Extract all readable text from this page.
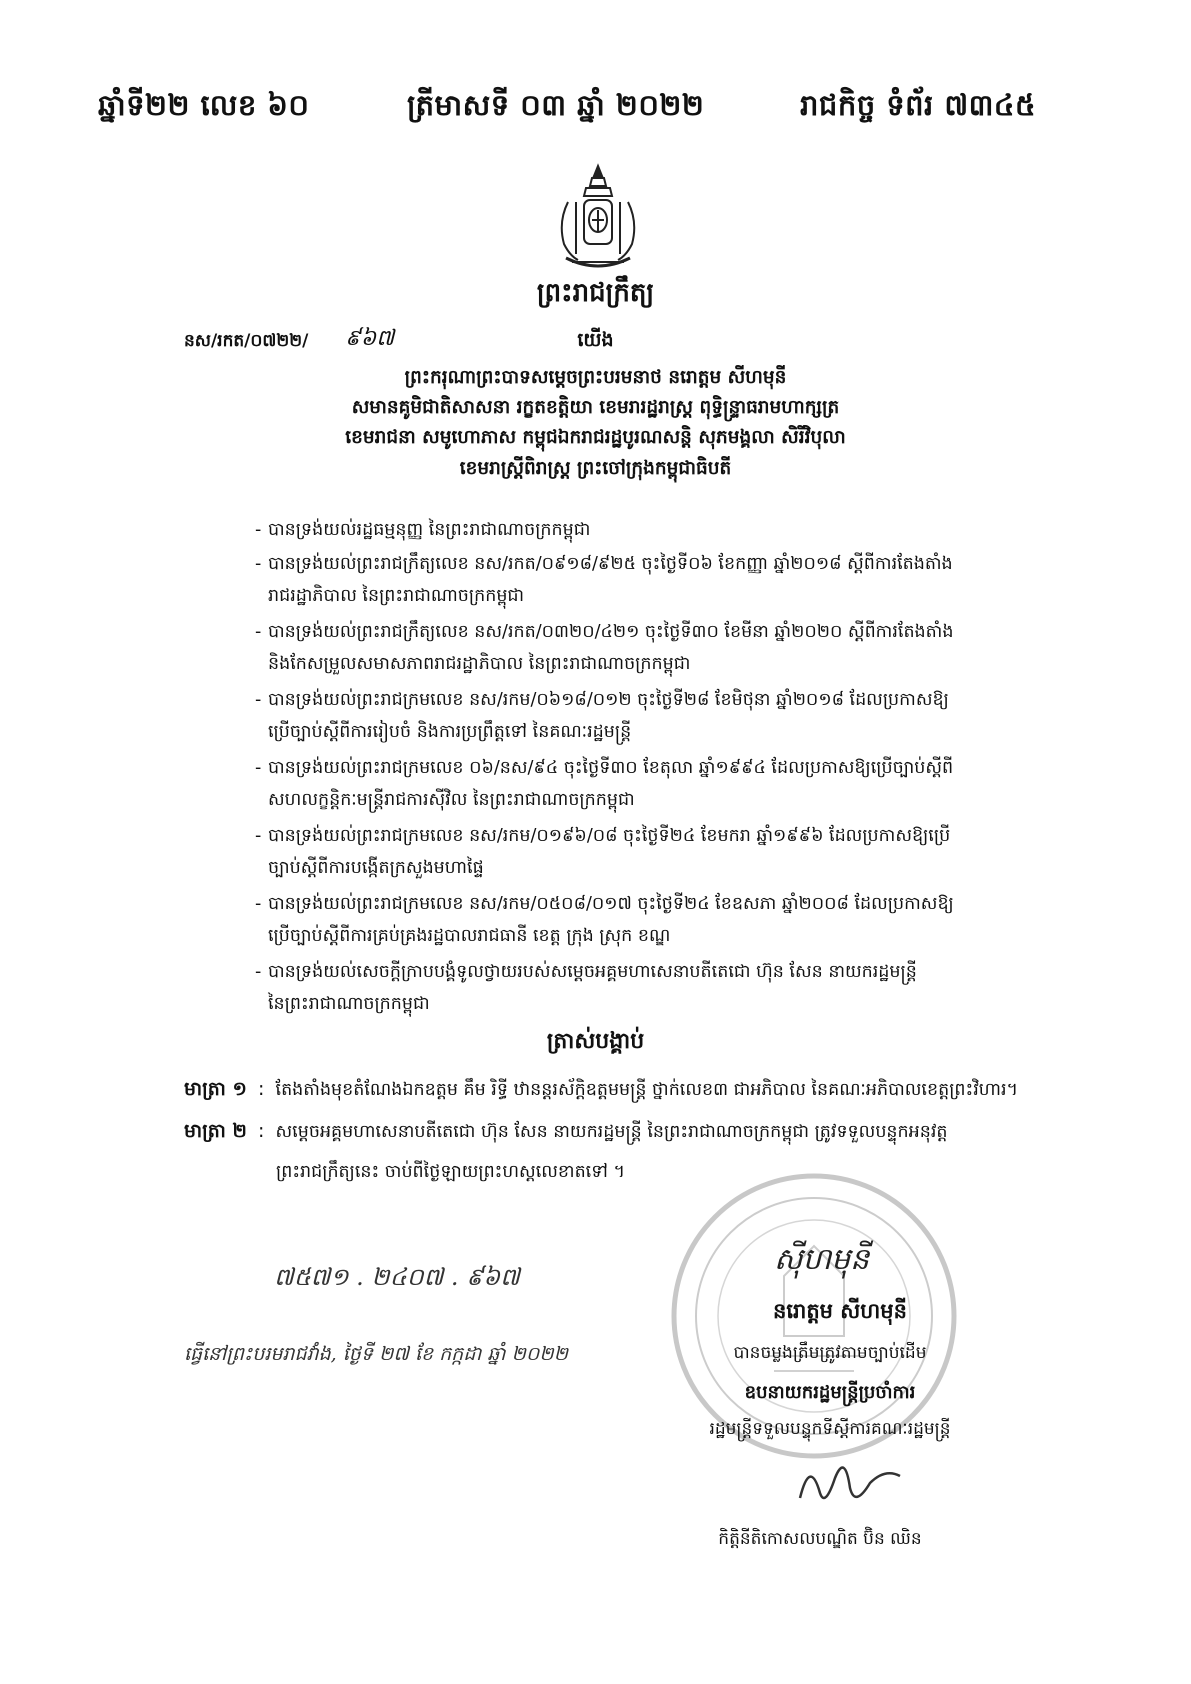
ឆ្នាំទី២២ លេខ ៦០	ត្រីមាសទី ០៣ ឆ្នាំ ២០២២	រាជកិច្ច ទំព័រ ៧៣៤៥
ព្រះរាជក្រឹត្យ
នស/រកត/០៧២២/ ៩៦៧	យើង
ព្រះករុណាព្រះបាទសម្តេចព្រះបរមនាថ នរោត្តម សីហមុនី
សមានគូមិជាតិសាសនា រក្ខតខត្តិយា ខេមរារដ្ឋរាស្ត្រ ពុទ្ធិន្ទ្រាធរាមហាក្សត្រ
ខេមរាជនា សមូហោភាស កម្ពុជឯករាជរដ្ឋបូរណសន្តិ សុភមង្គលា សិរីវិបុលា
ខេមរាស្ត្រីពិរាស្ត្រ ព្រះចៅក្រុងកម្ពុជាធិបតី
- បានទ្រង់យល់រដ្ឋធម្មនុញ្ញ នៃព្រះរាជាណាចក្រកម្ពុជា
- បានទ្រង់យល់ព្រះរាជក្រឹត្យលេខ នស/រកត/០៩១៨/៩២៥ ចុះថ្ងៃទី០៦ ខែកញ្ញា ឆ្នាំ២០១៨ ស្តីពីការតែងតាំង
រាជរដ្ឋាភិបាល នៃព្រះរាជាណាចក្រកម្ពុជា
- បានទ្រង់យល់ព្រះរាជក្រឹត្យលេខ នស/រកត/០៣២០/៤២១ ចុះថ្ងៃទី៣០ ខែមីនា ឆ្នាំ២០២០ ស្តីពីការតែងតាំង
និងកែសម្រួលសមាសភាពរាជរដ្ឋាភិបាល នៃព្រះរាជាណាចក្រកម្ពុជា
- បានទ្រង់យល់ព្រះរាជក្រមលេខ នស/រកម/០៦១៨/០១២ ចុះថ្ងៃទី២៨ ខែមិថុនា ឆ្នាំ២០១៨ ដែលប្រកាសឱ្យ
ប្រើច្បាប់ស្តីពីការរៀបចំ និងការប្រព្រឹត្តទៅ នៃគណៈរដ្ឋមន្ត្រី
- បានទ្រង់យល់ព្រះរាជក្រមលេខ ០៦/នស/៩៤ ចុះថ្ងៃទី៣០ ខែតុលា ឆ្នាំ១៩៩៤ ដែលប្រកាសឱ្យប្រើច្បាប់ស្តីពី
សហលក្ខន្តិកៈមន្ត្រីរាជការស៊ីវិល នៃព្រះរាជាណាចក្រកម្ពុជា
- បានទ្រង់យល់ព្រះរាជក្រមលេខ នស/រកម/០១៩៦/០៨ ចុះថ្ងៃទី២៤ ខែមករា ឆ្នាំ១៩៩៦ ដែលប្រកាសឱ្យប្រើ
ច្បាប់ស្តីពីការបង្កើតក្រសួងមហាផ្ទៃ
- បានទ្រង់យល់ព្រះរាជក្រមលេខ នស/រកម/០៥០៨/០១៧ ចុះថ្ងៃទី២៤ ខែឧសភា ឆ្នាំ២០០៨ ដែលប្រកាសឱ្យ
ប្រើច្បាប់ស្តីពីការគ្រប់គ្រងរដ្ឋបាលរាជធានី ខេត្ត ក្រុង ស្រុក ខណ្ឌ
- បានទ្រង់យល់សេចក្តីក្រាបបង្គំទូលថ្វាយរបស់សម្តេចអគ្គមហាសេនាបតីតេជោ ហ៊ុន សែន នាយករដ្ឋមន្ត្រី
នៃព្រះរាជាណាចក្រកម្ពុជា
ត្រាស់បង្គាប់
មាត្រា ១  :  តែងតាំងមុខតំណែងឯកឧត្តម គឹម រិទ្ធី ឋានន្តរស័ក្តិឧត្តមមន្ត្រី ថ្នាក់លេខ៣ ជាអភិបាល នៃគណៈអភិបាលខេត្តព្រះវិហារ។
មាត្រា ២  :  សម្តេចអគ្គមហាសេនាបតីតេជោ ហ៊ុន សែន នាយករដ្ឋមន្ត្រី នៃព្រះរាជាណាចក្រកម្ពុជា ត្រូវទទួលបន្ទុកអនុវត្ត
ព្រះរាជក្រឹត្យនេះ ចាប់ពីថ្ងៃឡាយព្រះហស្តលេខាតទៅ ។
៧៥៧១ . ២៤០៧ . ៩៦៧
ធ្វើនៅព្រះបរមរាជវាំង, ថ្ងៃទី ២៧ ខែ កក្កដា ឆ្នាំ ២០២២
ស៊ីហមុនី
នរោត្តម សីហមុនី
បានចម្លងត្រឹមត្រូវតាមច្បាប់ដើម
ឧបនាយករដ្ឋមន្ត្រីប្រចាំការ
រដ្ឋមន្ត្រីទទួលបន្ទុកទីស្តីការគណៈរដ្ឋមន្ត្រី
កិត្តិនីតិកោសលបណ្ឌិត ប៊ិន ឈិន
